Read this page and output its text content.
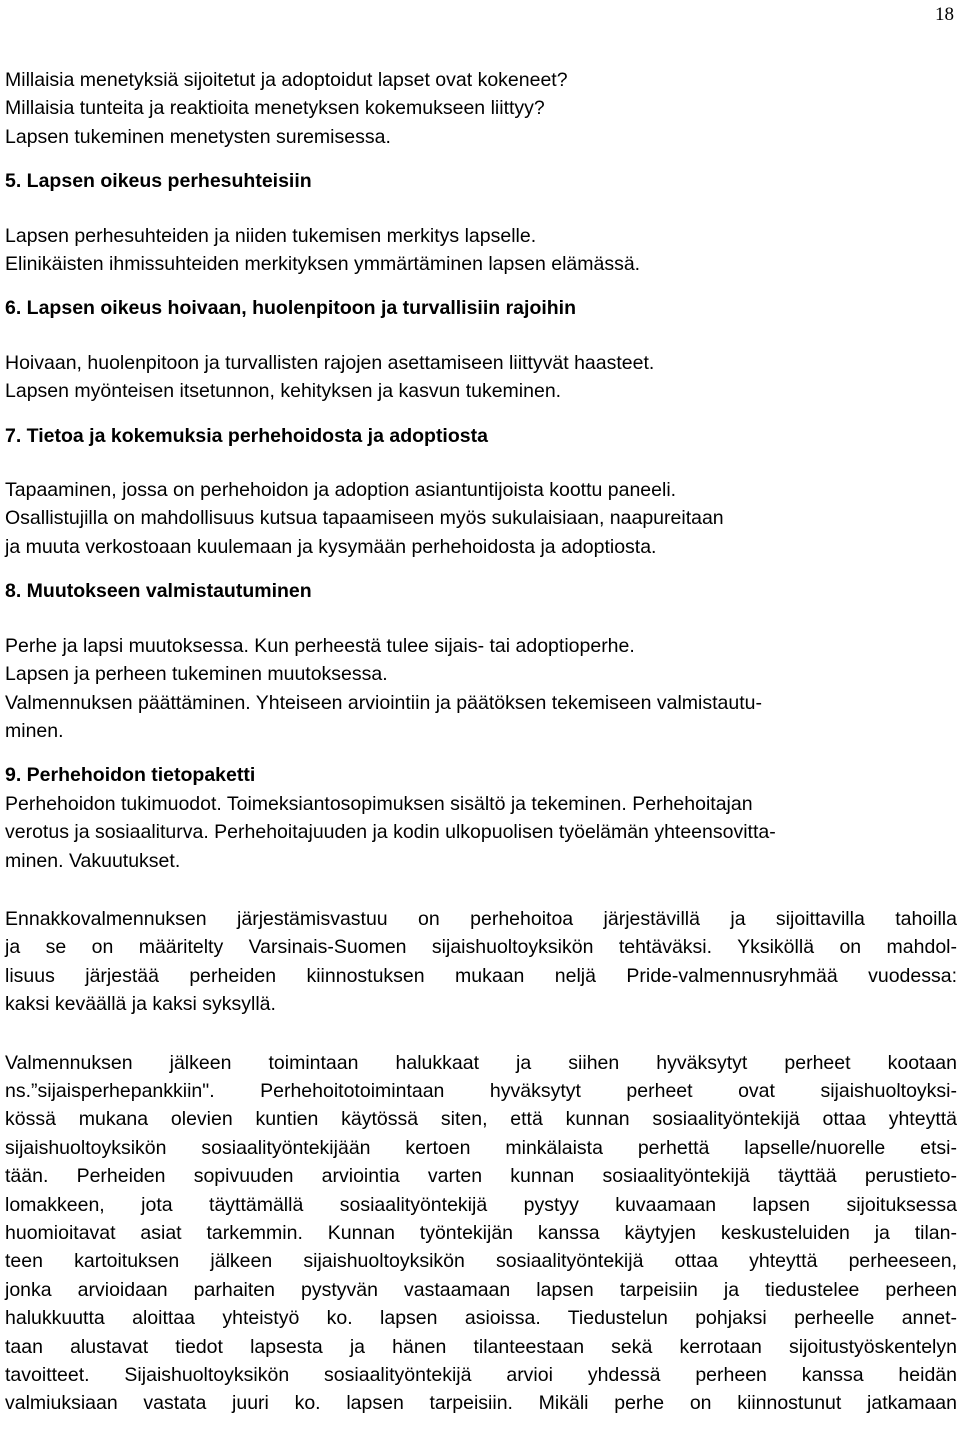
18
Millaisia menetyksiä sijoitetut ja adoptoidut lapset ovat kokeneet?
Millaisia tunteita ja reaktioita menetyksen kokemukseen liittyy?
Lapsen tukeminen menetysten suremisessa.
5. Lapsen oikeus perhesuhteisiin
Lapsen perhesuhteiden ja niiden tukemisen merkitys lapselle.
Elinikäisten ihmissuhteiden merkityksen ymmärtäminen lapsen elämässä.
6. Lapsen oikeus hoivaan, huolenpitoon ja turvallisiin rajoihin
Hoivaan, huolenpitoon ja turvallisten rajojen asettamiseen liittyvät haasteet.
Lapsen myönteisen itsetunnon, kehityksen ja kasvun tukeminen.
7. Tietoa ja kokemuksia perhehoidosta ja adoptiosta
Tapaaminen, jossa on perhehoidon ja adoption asiantuntijoista koottu paneeli.
Osallistujilla on mahdollisuus kutsua tapaamiseen myös sukulaisiaan, naapureitaan
ja muuta verkostoaan kuulemaan ja kysymään perhehoidosta ja adoptiosta.
8. Muutokseen valmistautuminen
Perhe ja lapsi muutoksessa. Kun perheestä tulee sijais- tai adoptioperhe.
Lapsen ja perheen tukeminen muutoksessa.
Valmennuksen päättäminen. Yhteiseen arviointiin ja päätöksen tekemiseen valmistautu-
minen.
9. Perhehoidon tietopaketti
Perhehoidon tukimuodot. Toimeksiantosopimuksen sisältö ja tekeminen. Perhehoitajan
verotus ja sosiaaliturva. Perhehoitajuuden ja kodin ulkopuolisen työelämän yhteensovitta-
minen. Vakuutukset.
Ennakkovalmennuksen järjestämisvastuu on perhehoitoa järjestävillä ja sijoittavilla tahoilla
ja se on määritelty Varsinais-Suomen sijaishuoltoyksikön tehtäväksi. Yksiköllä on mahdol-
lisuus järjestää perheiden kiinnostuksen mukaan neljä Pride-valmennusryhmää vuodessa:
kaksi keväällä ja kaksi syksyllä.
Valmennuksen jälkeen toimintaan halukkaat ja siihen hyväksytyt perheet kootaan
ns.”sijaisperhepankkiin". Perhehoitotoimintaan hyväksytyt perheet ovat sijaishuoltoyksi-
kössä mukana olevien kuntien käytössä siten, että kunnan sosiaalityöntekijä ottaa yhteyttä
sijaishuoltoyksikön sosiaalityöntekijään kertoen minkälaista perhettä lapselle/nuorelle etsi-
tään. Perheiden sopivuuden arviointia varten kunnan sosiaalityöntekijä täyttää perustieto-
lomakkeen, jota täyttämällä sosiaalityöntekijä pystyy kuvaamaan lapsen sijoituksessa
huomioitavat asiat tarkemmin. Kunnan työntekijän kanssa käytyjen keskusteluiden ja tilan-
teen kartoituksen jälkeen sijaishuoltoyksikön sosiaalityöntekijä ottaa yhteyttä perheeseen,
jonka arvioidaan parhaiten pystyvän vastaamaan lapsen tarpeisiin ja tiedustelee perheen
halukkuutta aloittaa yhteistyö ko. lapsen asioissa. Tiedustelun pohjaksi perheelle annet-
taan alustavat tiedot lapsesta ja hänen tilanteestaan sekä kerrotaan sijoitustyöskentelyn
tavoitteet. Sijaishuoltoyksikön sosiaalityöntekijä arvioi yhdessä perheen kanssa heidän
valmiuksiaan vastata juuri ko. lapsen tarpeisiin. Mikäli perhe on kiinnostunut jatkamaan
